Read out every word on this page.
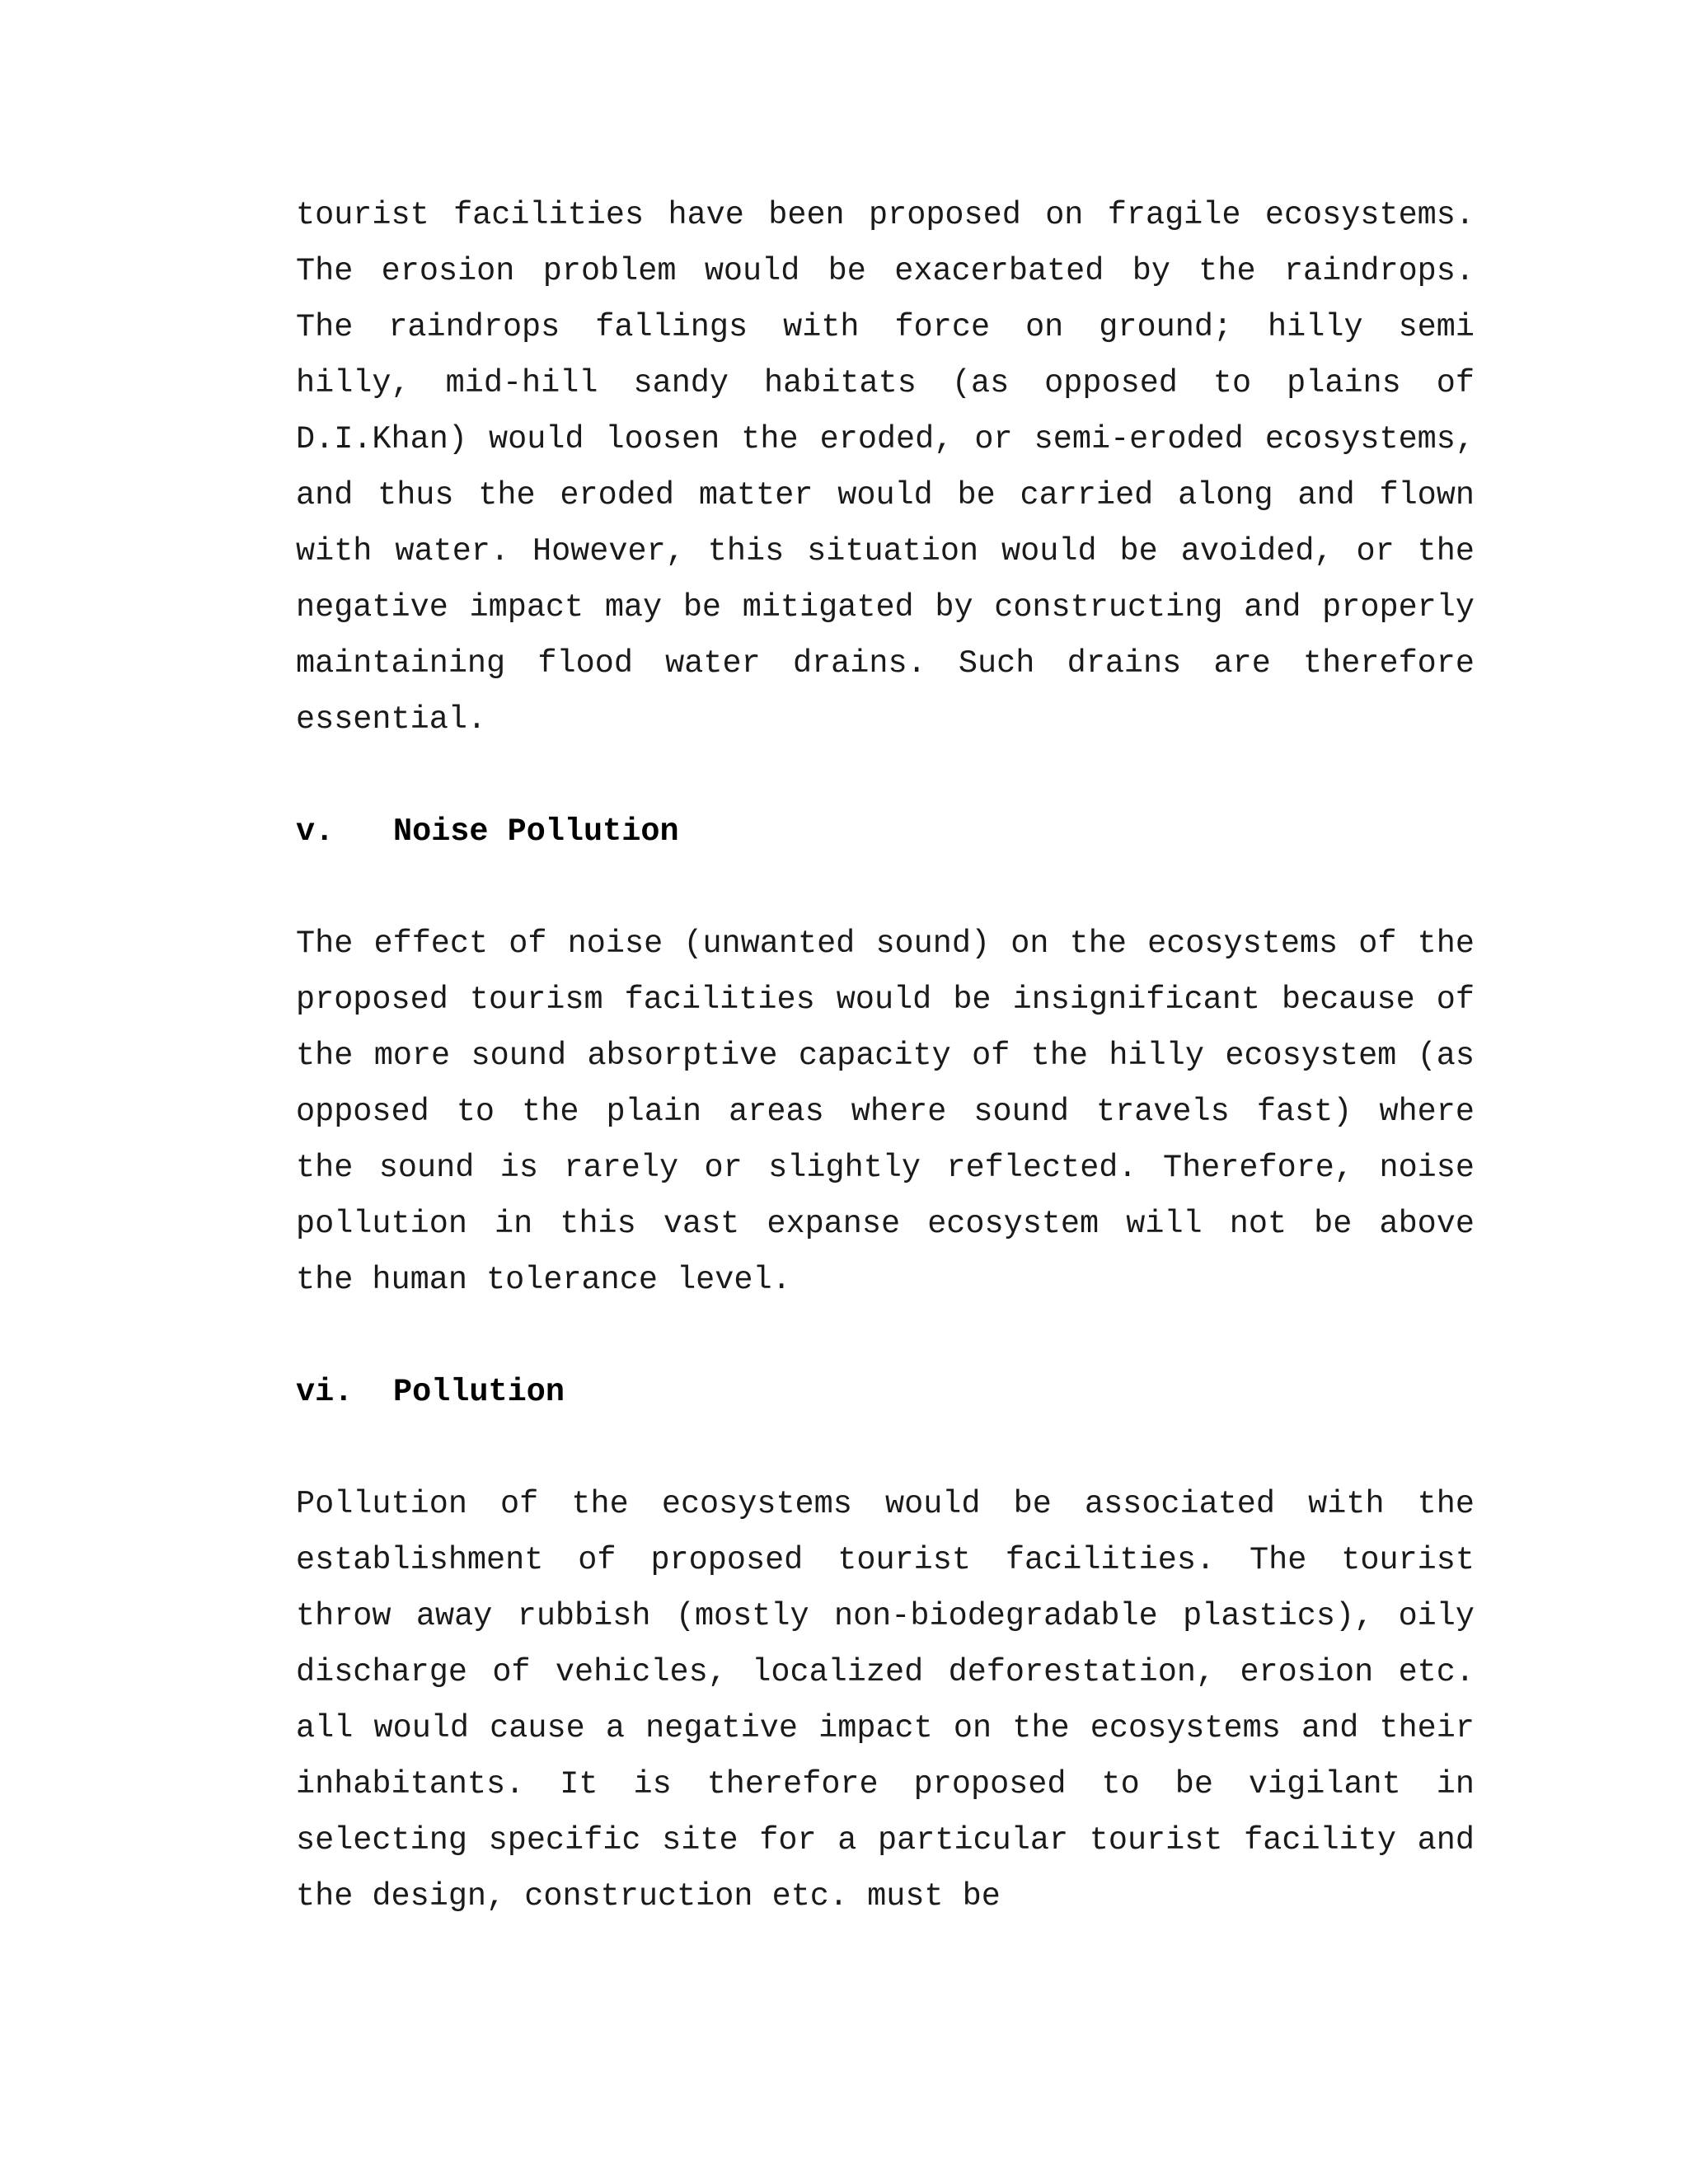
tourist facilities have been proposed on fragile ecosystems. The erosion problem would be exacerbated by the raindrops. The raindrops fallings with force on ground; hilly semi hilly, mid-hill sandy habitats (as opposed to plains of D.I.Khan) would loosen the eroded, or semi-eroded ecosystems, and thus the eroded matter would be carried along and flown with water. However, this situation would be avoided, or the negative impact may be mitigated by constructing and properly maintaining flood water drains. Such drains are therefore essential.

v. Noise Pollution

The effect of noise (unwanted sound) on the ecosystems of the proposed tourism facilities would be insignificant because of the more sound absorptive capacity of the hilly ecosystem (as opposed to the plain areas where sound travels fast) where the sound is rarely or slightly reflected. Therefore, noise pollution in this vast expanse ecosystem will not be above the human tolerance level.

vi. Pollution

Pollution of the ecosystems would be associated with the establishment of proposed tourist facilities. The tourist throw away rubbish (mostly non-biodegradable plastics), oily discharge of vehicles, localized deforestation, erosion etc. all would cause a negative impact on the ecosystems and their inhabitants. It is therefore proposed to be vigilant in selecting specific site for a particular tourist facility and the design, construction etc. must be
